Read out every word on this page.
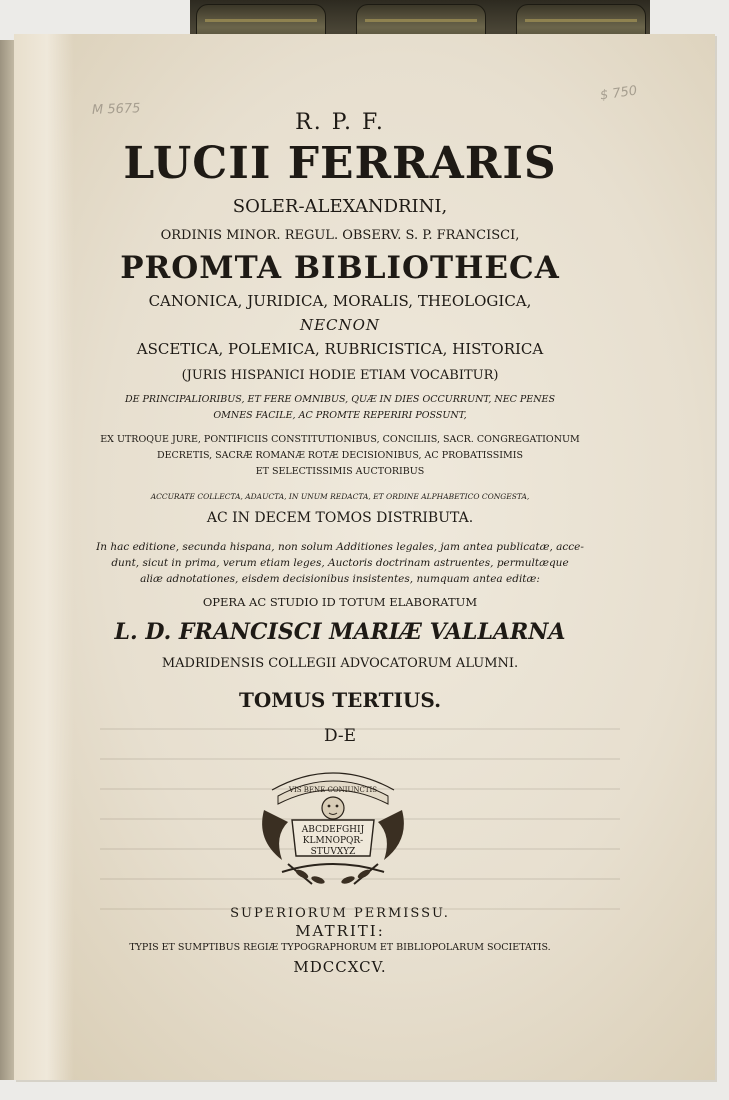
M 5675
$ 750
R. P. F.
LUCII FERRARIS
SOLER-ALEXANDRINI,
ORDINIS MINOR. REGUL. OBSERV. S. P. FRANCISCI,
PROMTA BIBLIOTHECA
CANONICA, JURIDICA, MORALIS, THEOLOGICA,
NECNON
ASCETICA, POLEMICA, RUBRICISTICA, HISTORICA
(JURIS HISPANICI HODIE ETIAM VOCABITUR)
DE PRINCIPALIORIBUS, ET FERE OMNIBUS, QUÆ IN DIES OCCURRUNT, NEC PENES
OMNES FACILE, AC PROMTE REPERIRI POSSUNT,
EX UTROQUE JURE, PONTIFICIIS CONSTITUTIONIBUS, CONCILIIS, SACR. CONGREGATIONUM
DECRETIS, SACRÆ ROMANÆ ROTÆ DECISIONIBUS, AC PROBATISSIMIS
ET SELECTISSIMIS AUCTORIBUS
ACCURATE COLLECTA, ADAUCTA, IN UNUM REDACTA, ET ORDINE ALPHABETICO CONGESTA,
AC IN DECEM TOMOS DISTRIBUTA.
In hac editione, secunda hispana, non solum Additiones legales, jam antea publicatæ, acce-
dunt, sicut in prima, verum etiam leges, Auctoris doctrinam astruentes, permultæque
aliæ adnotationes, eisdem decisionibus insistentes, numquam antea editæ:
OPERA AC STUDIO ID TOTUM ELABORATUM
L. D. FRANCISCI MARIÆ VALLARNA
MADRIDENSIS COLLEGII ADVOCATORUM ALUMNI.
TOMUS TERTIUS.
D-E
VIS BENE CONIUNCTIS
ABCDEFGHIJ
KLMNOPQR-
STUVXYZ
SUPERIORUM PERMISSU.
MATRITI:
TYPIS ET SUMPTIBUS REGIÆ TYPOGRAPHORUM ET BIBLIOPOLARUM SOCIETATIS.
MDCCXCV.
